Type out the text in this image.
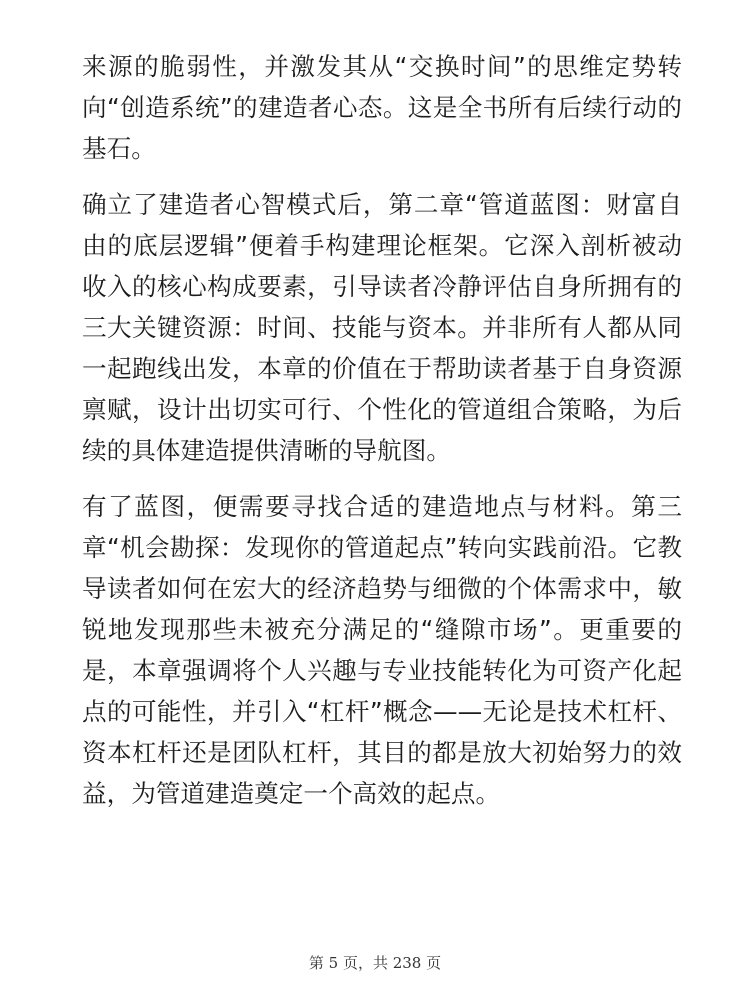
来源的脆弱性，并激发其从“交换时间”的思维定势转向“创造系统”的建造者心态。这是全书所有后续行动的基石。

确立了建造者心智模式后，第二章“管道蓝图：财富自由的底层逻辑”便着手构建理论框架。它深入剖析被动收入的核心构成要素，引导读者冷静评估自身所拥有的三大关键资源：时间、技能与资本。并非所有人都从同一起跑线出发，本章的价值在于帮助读者基于自身资源禀赋，设计出切实可行、个性化的管道组合策略，为后续的具体建造提供清晰的导航图。

有了蓝图，便需要寻找合适的建造地点与材料。第三章“机会勘探：发现你的管道起点”转向实践前沿。它教导读者如何在宏大的经济趋势与细微的个体需求中，敏锐地发现那些未被充分满足的“缝隙市场”。更重要的是，本章强调将个人兴趣与专业技能转化为可资产化起点的可能性，并引入“杠杆”概念——无论是技术杠杆、资本杠杆还是团队杠杆，其目的都是放大初始努力的效益，为管道建造奠定一个高效的起点。

第 5 页，共 238 页
